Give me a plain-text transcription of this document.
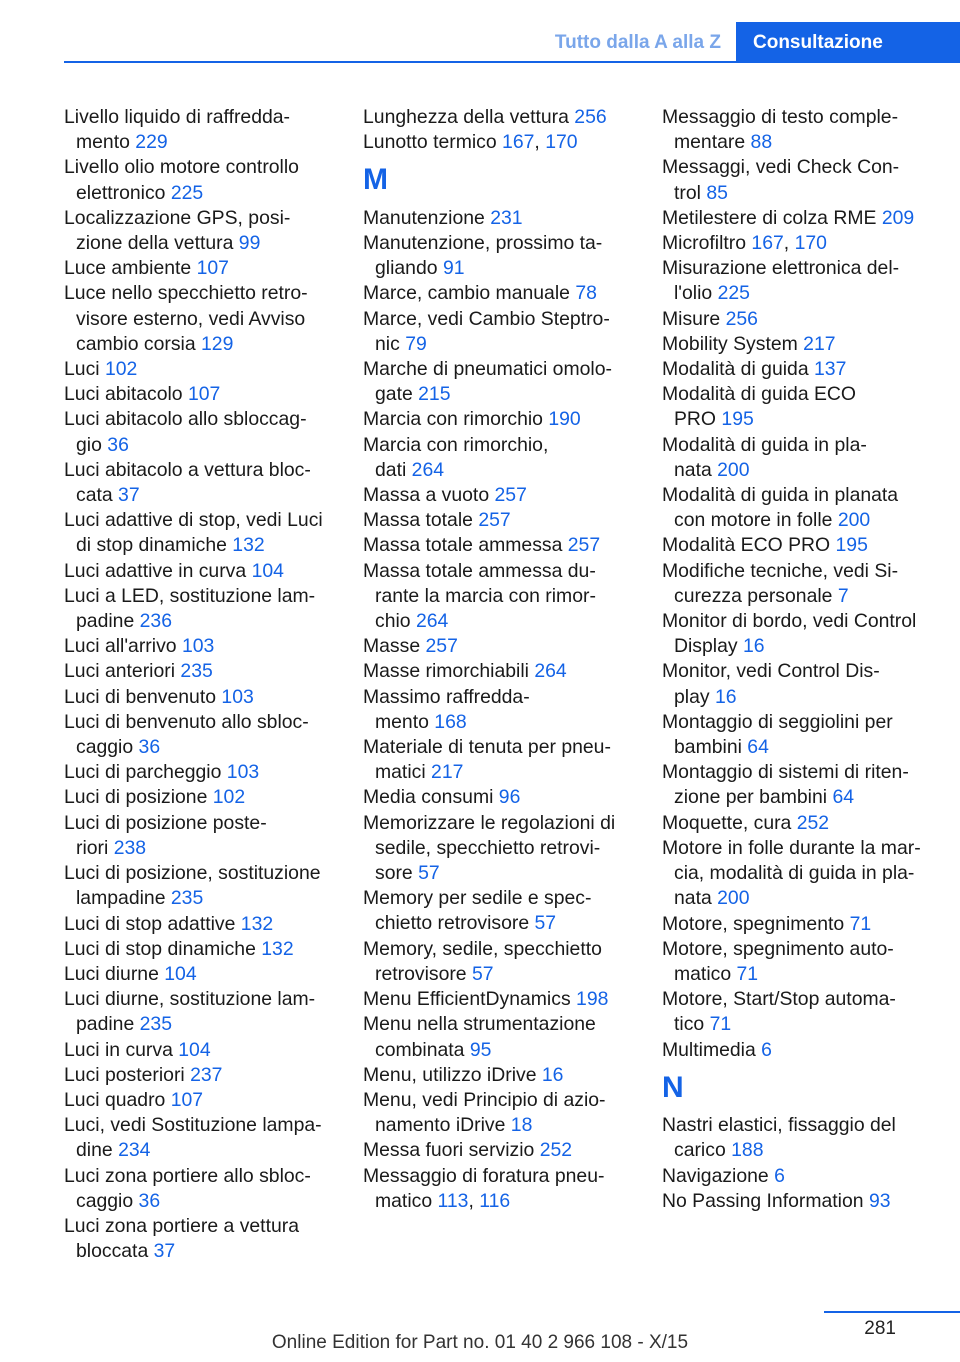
Tutto dalla A alla Z	Consultazione
Livello liquido di raffredda‐
mento 229
Livello olio motore controllo
elettronico 225
Localizzazione GPS, posi‐
zione della vettura 99
Luce ambiente 107
Luce nello specchietto retro‐
visore esterno, vedi Avviso
cambio corsia 129
Luci 102
Luci abitacolo 107
Luci abitacolo allo sbloccag‐
gio 36
Luci abitacolo a vettura bloc‐
cata 37
Luci adattive di stop, vedi Luci
di stop dinamiche 132
Luci adattive in curva 104
Luci a LED, sostituzione lam‐
padine 236
Luci all'arrivo 103
Luci anteriori 235
Luci di benvenuto 103
Luci di benvenuto allo sbloc‐
caggio 36
Luci di parcheggio 103
Luci di posizione 102
Luci di posizione poste‐
riori 238
Luci di posizione, sostituzione
lampadine 235
Luci di stop adattive 132
Luci di stop dinamiche 132
Luci diurne 104
Luci diurne, sostituzione lam‐
padine 235
Luci in curva 104
Luci posteriori 237
Luci quadro 107
Luci, vedi Sostituzione lampa‐
dine 234
Luci zona portiere allo sbloc‐
caggio 36
Luci zona portiere a vettura
bloccata 37
Lunghezza della vettura 256
Lunotto termico 167, 170
M
Manutenzione 231
Manutenzione, prossimo ta‐
gliando 91
Marce, cambio manuale 78
Marce, vedi Cambio Steptro‐
nic 79
Marche di pneumatici omolo‐
gate 215
Marcia con rimorchio 190
Marcia con rimorchio,
dati 264
Massa a vuoto 257
Massa totale 257
Massa totale ammessa 257
Massa totale ammessa du‐
rante la marcia con rimor‐
chio 264
Masse 257
Masse rimorchiabili 264
Massimo raffredda‐
mento 168
Materiale di tenuta per pneu‐
matici 217
Media consumi 96
Memorizzare le regolazioni di
sedile, specchietto retrovi‐
sore 57
Memory per sedile e spec‐
chietto retrovisore 57
Memory, sedile, specchietto
retrovisore 57
Menu EfficientDynamics 198
Menu nella strumentazione
combinata 95
Menu, utilizzo iDrive 16
Menu, vedi Principio di azio‐
namento iDrive 18
Messa fuori servizio 252
Messaggio di foratura pneu‐
matico 113, 116
Messaggio di testo comple‐
mentare 88
Messaggi, vedi Check Con‐
trol 85
Metilestere di colza RME 209
Microfiltro 167, 170
Misurazione elettronica del‐
l'olio 225
Misure 256
Mobility System 217
Modalità di guida 137
Modalità di guida ECO
PRO 195
Modalità di guida in pla‐
nata 200
Modalità di guida in planata
con motore in folle 200
Modalità ECO PRO 195
Modifiche tecniche, vedi Si‐
curezza personale 7
Monitor di bordo, vedi Control
Display 16
Monitor, vedi Control Dis‐
play 16
Montaggio di seggiolini per
bambini 64
Montaggio di sistemi di riten‐
zione per bambini 64
Moquette, cura 252
Motore in folle durante la mar‐
cia, modalità di guida in pla‐
nata 200
Motore, spegnimento 71
Motore, spegnimento auto‐
matico 71
Motore, Start/Stop automa‐
tico 71
Multimedia 6
N
Nastri elastici, fissaggio del
carico 188
Navigazione 6
No Passing Information 93
281
Online Edition for Part no. 01 40 2 966 108 - X/15
